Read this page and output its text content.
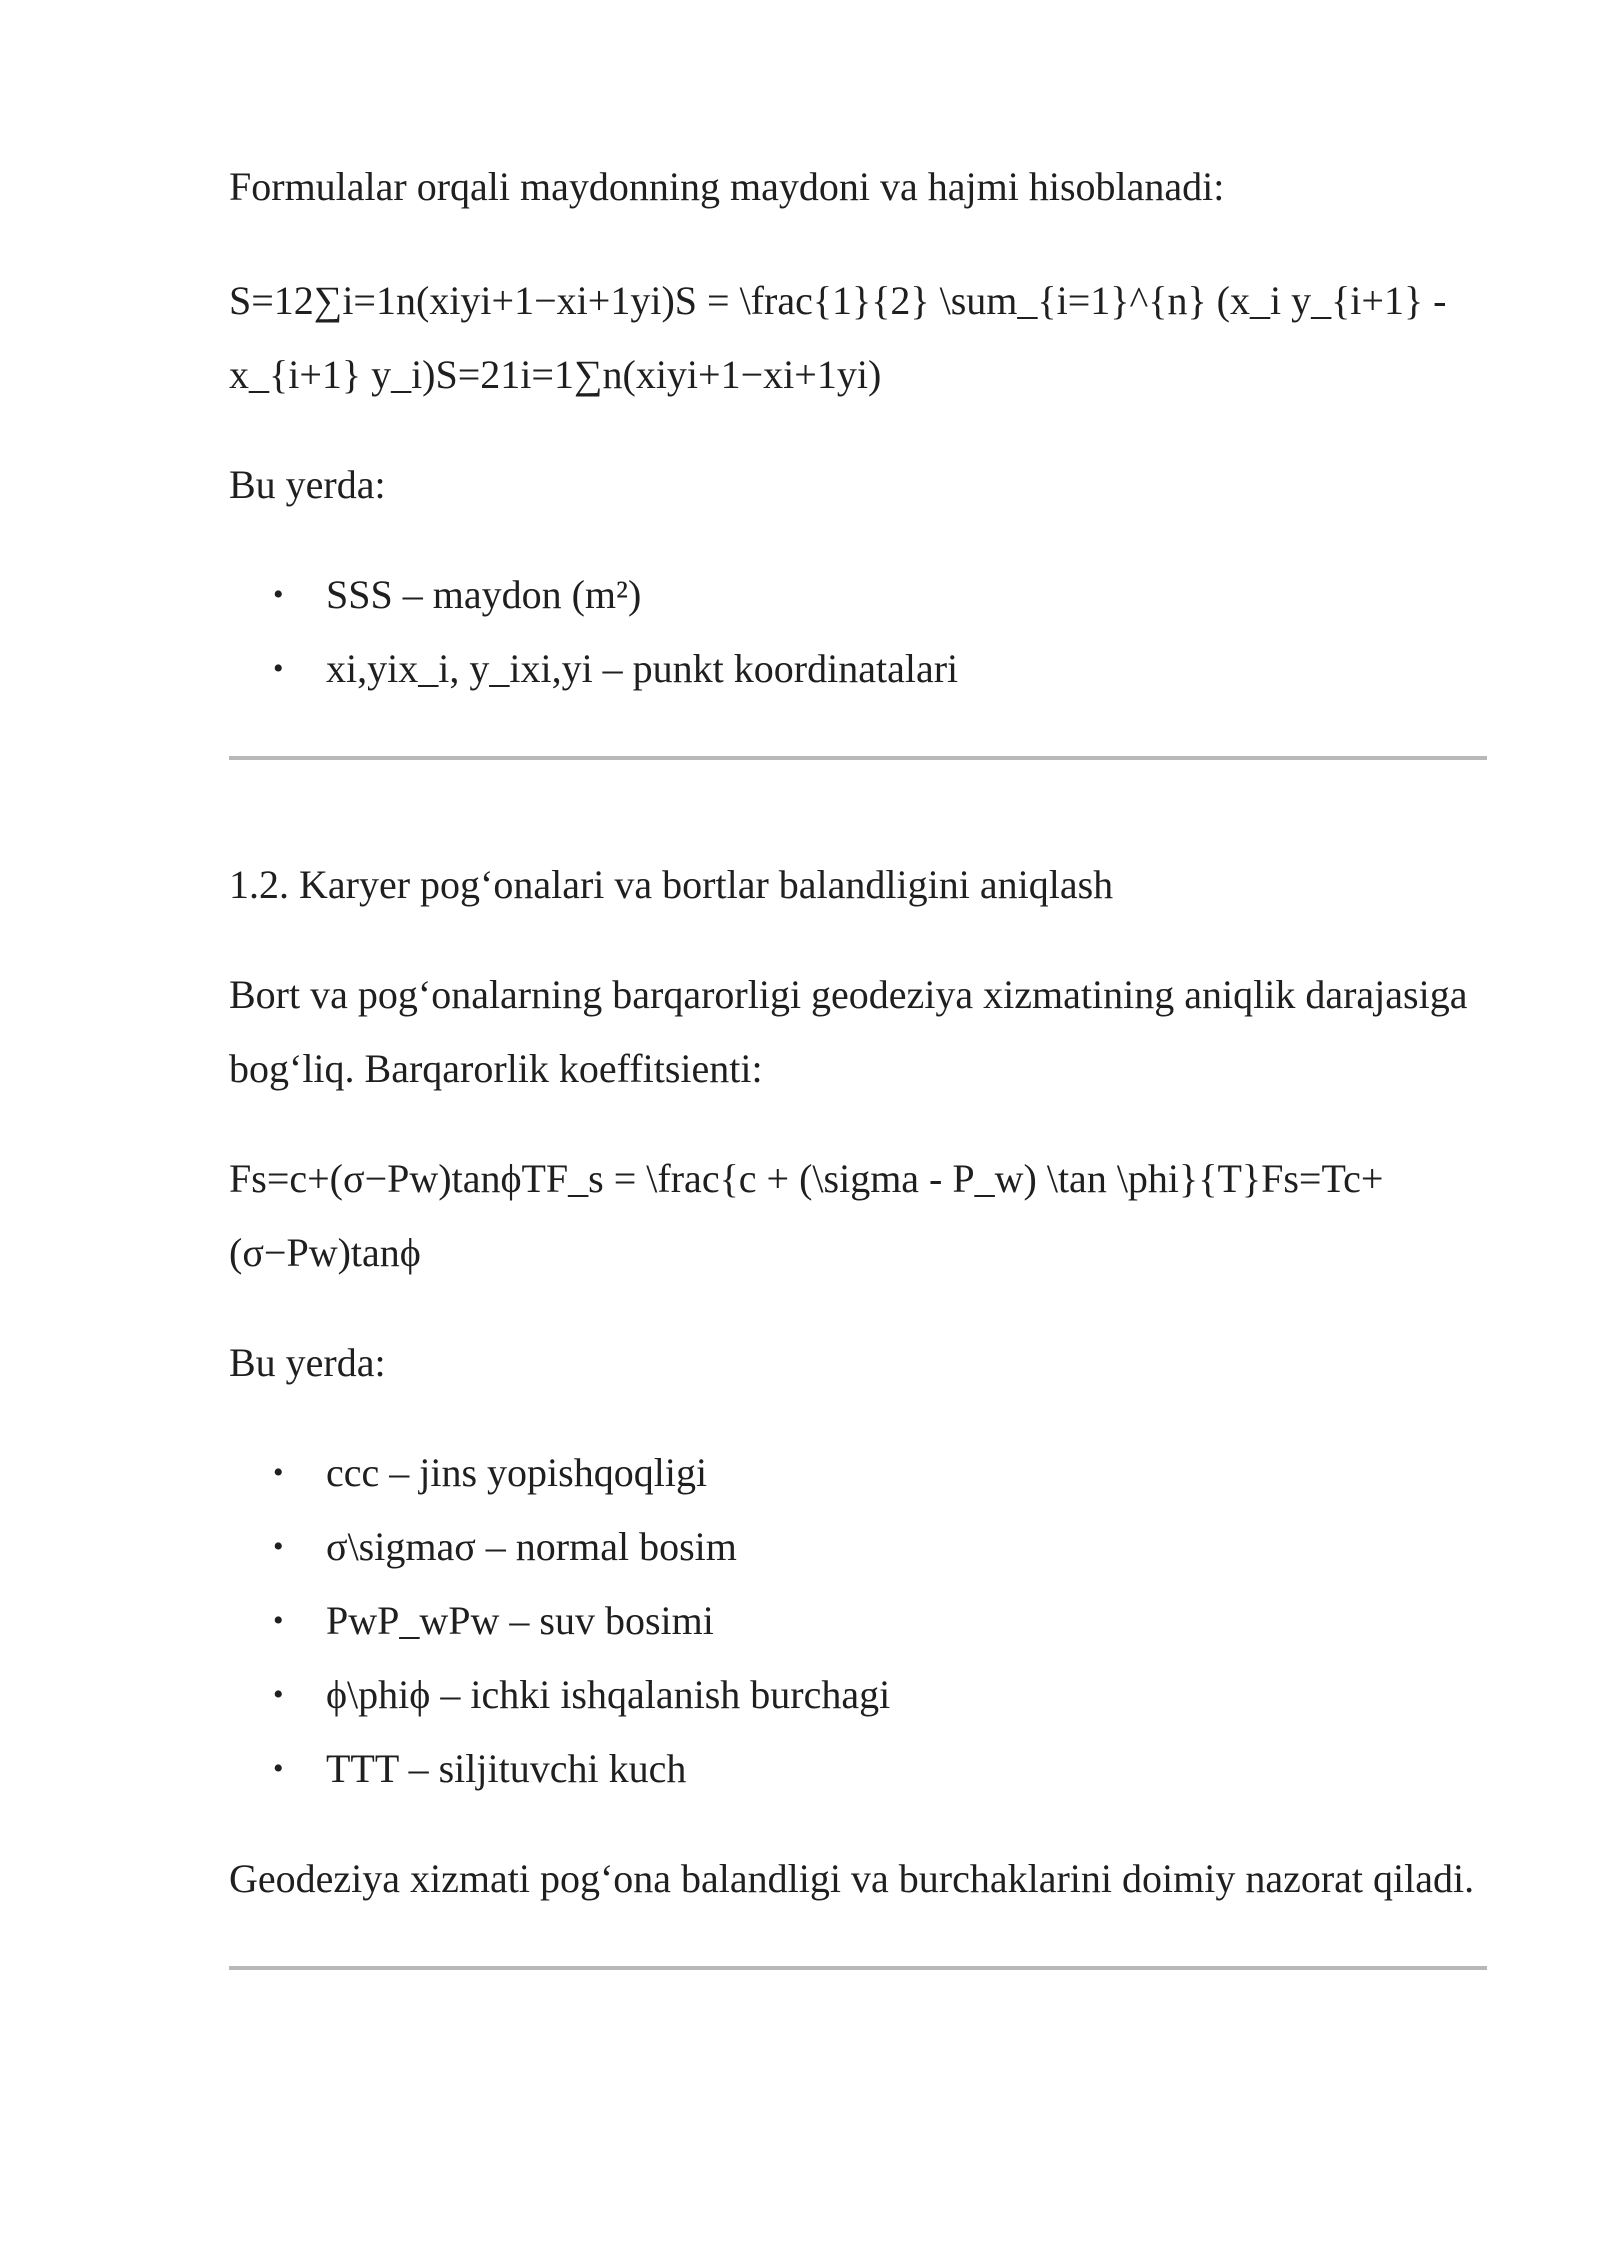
Formulalar orqali maydonning maydoni va hajmi hisoblanadi:

S=12∑i=1n(xiyi+1−xi+1yi)S = \frac{1}{2} \sum_{i=1}^{n} (x_i y_{i+1} - x_{i+1} y_i)S=21i=1∑n(xiyi+1−xi+1yi)

Bu yerda:

• SSS – maydon (m²)
• xi,yix_i, y_ixi,yi – punkt koordinatalari

1.2. Karyer pog‘onalari va bortlar balandligini aniqlash

Bort va pog‘onalarning barqarorligi geodeziya xizmatining aniqlik darajasiga bog‘liq. Barqarorlik koeffitsienti:

Fs=c+(σ−Pw)tanϕTF_s = \frac{c + (\sigma - P_w) \tan \phi}{T}Fs=Tc+(σ−Pw)tanϕ

Bu yerda:

• ccc – jins yopishqoqligi
• σ\sigmaσ – normal bosim
• PwP_wPw – suv bosimi
• ϕ\phiϕ – ichki ishqalanish burchagi
• TTT – siljituvchi kuch

Geodeziya xizmati pog‘ona balandligi va burchaklarini doimiy nazorat qiladi.
